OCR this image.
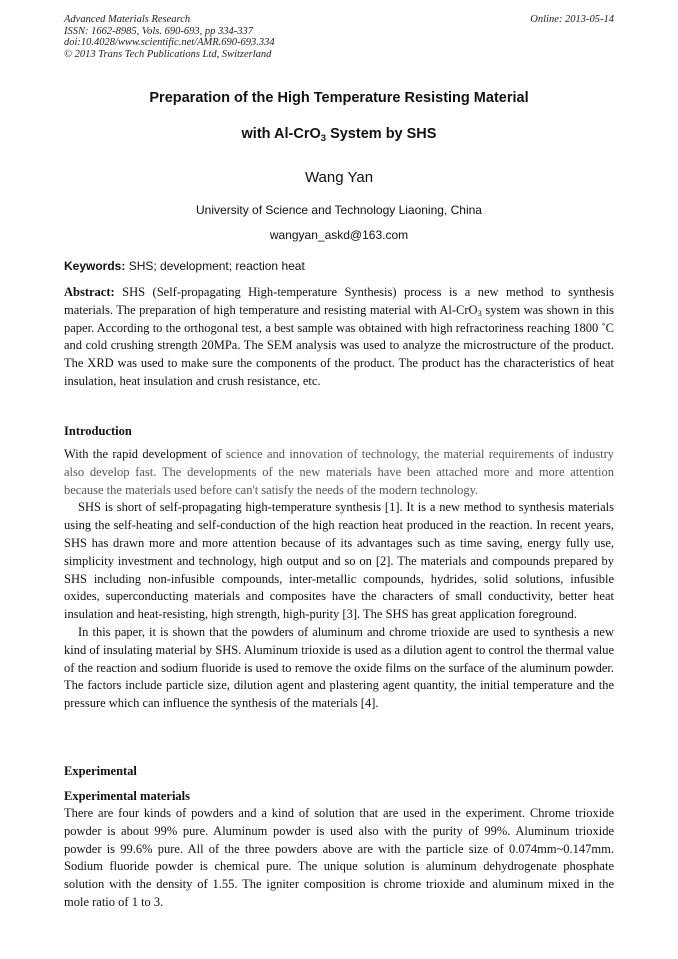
Advanced Materials Research
ISSN: 1662-8985, Vols. 690-693, pp 334-337
doi:10.4028/www.scientific.net/AMR.690-693.334
© 2013 Trans Tech Publications Ltd, Switzerland
Online: 2013-05-14
Preparation of the High Temperature Resisting Material
with Al-CrO$_3$ System by SHS
Wang Yan
University of Science and Technology Liaoning, China
wangyan_askd@163.com
Keywords: SHS; development; reaction heat

Abstract: SHS (Self-propagating High-temperature Synthesis) process is a new method to synthesis materials. The preparation of high temperature and resisting material with Al-CrO$_3$ system was shown in this paper. According to the orthogonal test, a best sample was obtained with high refractoriness reaching 1800 ˚C and cold crushing strength 20MPa. The SEM analysis was used to analyze the microstructure of the product. The XRD was used to make sure the components of the product. The product has the characteristics of heat insulation, heat insulation and crush resistance, etc.

Introduction

With the rapid development of science and innovation of technology, the material requirements of industry also develop fast. The developments of the new materials have been attached more and more attention because the materials used before can't satisfy the needs of the modern technology.

SHS is short of self-propagating high-temperature synthesis [1]. It is a new method to synthesis materials using the self-heating and self-conduction of the high reaction heat produced in the reaction. In recent years, SHS has drawn more and more attention because of its advantages such as time saving, energy fully use, simplicity investment and technology, high output and so on [2]. The materials and compounds prepared by SHS including non-infusible compounds, inter-metallic compounds, hydrides, solid solutions, infusible oxides, superconducting materials and composites have the characters of small conductivity, better heat insulation and heat-resisting, high strength, high-purity [3]. The SHS has great application foreground.

In this paper, it is shown that the powders of aluminum and chrome trioxide are used to synthesis a new kind of insulating material by SHS. Aluminum trioxide is used as a dilution agent to control the thermal value of the reaction and sodium fluoride is used to remove the oxide films on the surface of the aluminum powder. The factors include particle size, dilution agent and plastering agent quantity, the initial temperature and the pressure which can influence the synthesis of the materials [4].

Experimental
Experimental materials

There are four kinds of powders and a kind of solution that are used in the experiment. Chrome trioxide powder is about 99% pure. Aluminum powder is used also with the purity of 99%. Aluminum trioxide powder is 99.6% pure. All of the three powders above are with the particle size of 0.074mm~0.147mm. Sodium fluoride powder is chemical pure. The unique solution is aluminum dehydrogenate phosphate solution with the density of 1.55. The igniter composition is chrome trioxide and aluminum mixed in the mole ratio of 1 to 3.
